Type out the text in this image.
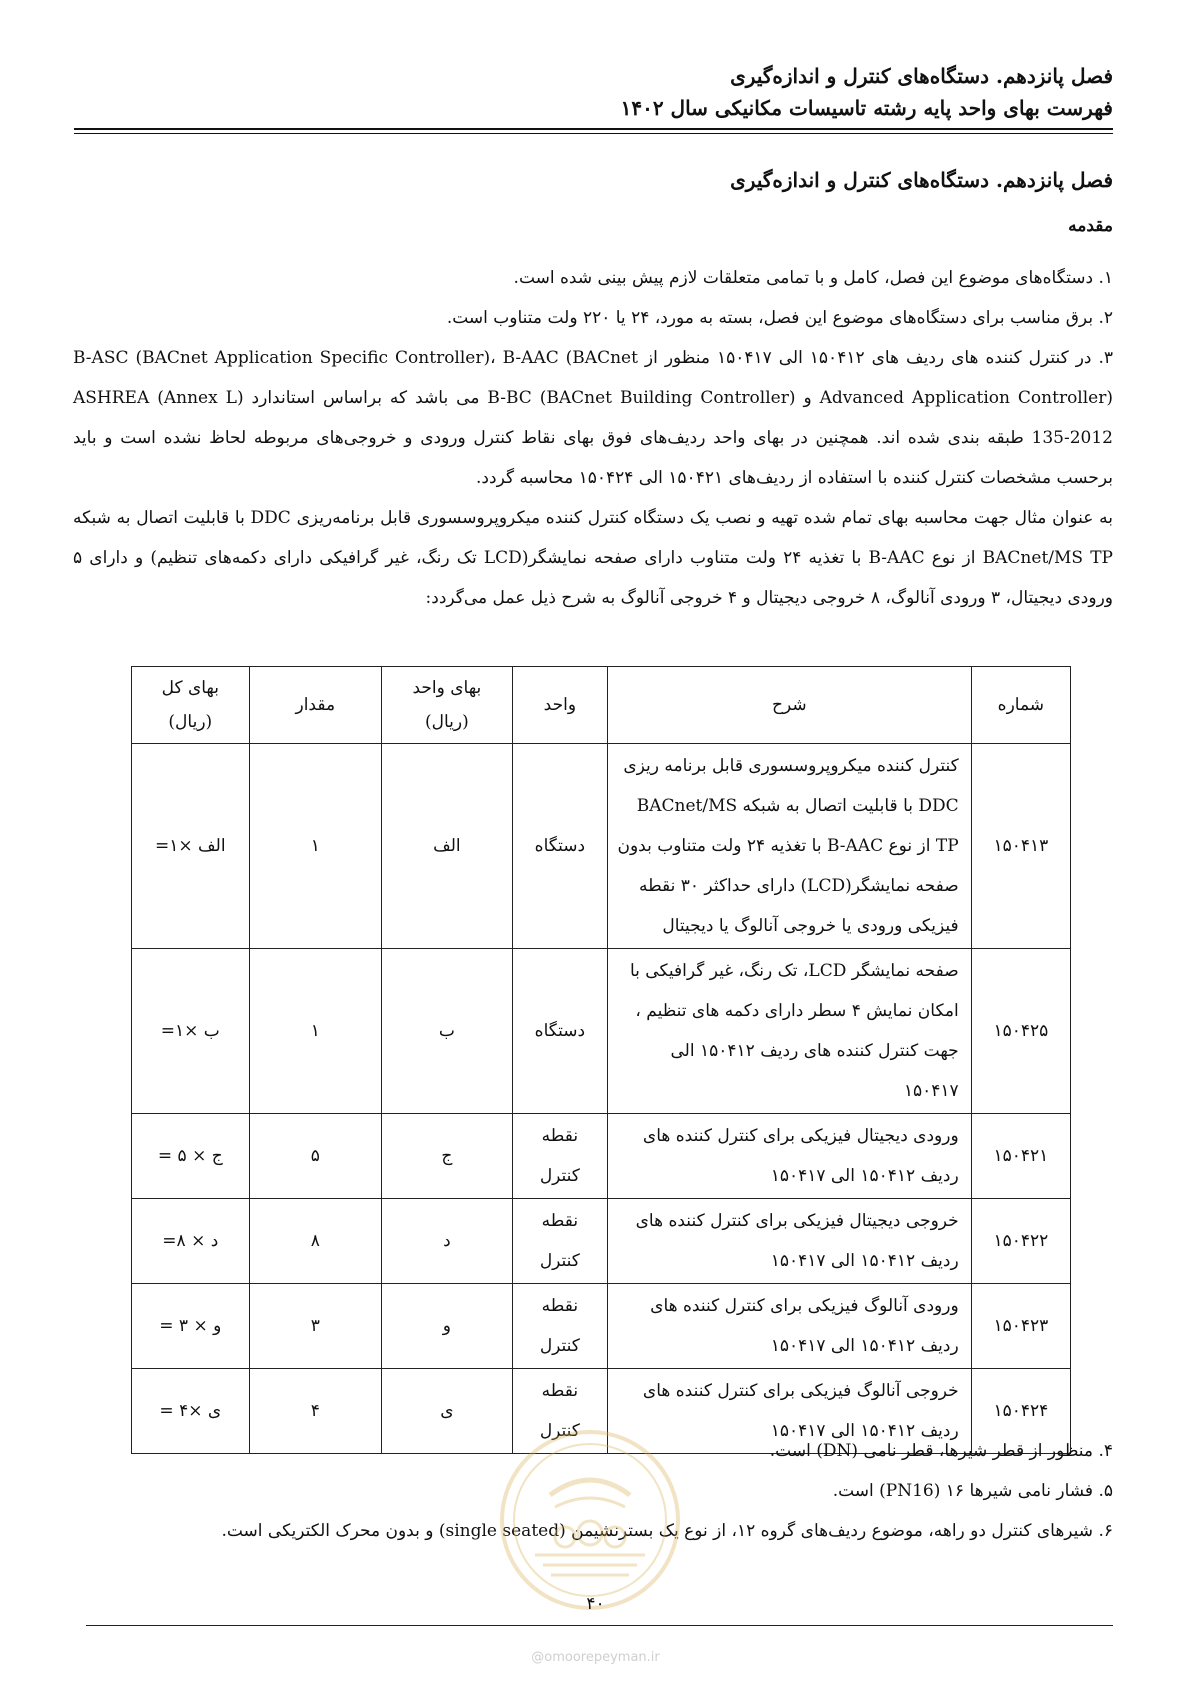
فصل پانزدهم. دستگاه‌های کنترل و اندازه‌گیری
فهرست بهای واحد پایه رشته تاسیسات مکانیکی سال ۱۴۰۲
فصل پانزدهم. دستگاه‌های کنترل و اندازه‌گیری
مقدمه

۱. دستگاه‌های موضوع این فصل، کامل و با تمامی متعلقات لازم پیش بینی شده است.

۲. برق مناسب برای دستگاه‌های موضوع این فصل، بسته به مورد، ۲۴ یا ۲۲۰ ولت متناوب است.

۳. در کنترل کننده های ردیف های ۱۵۰۴۱۲ الی ۱۵۰۴۱۷ منظور از B-ASC (BACnet Application Specific Controller)، B-AAC (BACnet Advanced Application Controller) و B-BC (BACnet Building Controller) می باشد که براساس استاندارد (Annex L) ASHREA 135-2012 طبقه بندی شده اند. همچنین در بهای واحد ردیف‌های فوق بهای نقاط کنترل ورودی و خروجی‌های مربوطه لحاظ نشده است و باید برحسب مشخصات کنترل کننده با استفاده از ردیف‌های ۱۵۰۴۲۱ الی ۱۵۰۴۲۴ محاسبه گردد.

به عنوان مثال جهت محاسبه بهای تمام شده تهیه و نصب یک دستگاه کنترل کننده میکروپروسسوری قابل برنامه‌ریزی DDC با قابلیت اتصال به شبکه BACnet/MS TP از نوع B-AAC با تغذیه ۲۴ ولت متناوب دارای صفحه نمایشگر(LCD تک رنگ، غیر گرافیکی دارای دکمه‌های تنظیم) و دارای ۵ ورودی دیجیتال، ۳ ورودی آنالوگ، ۸ خروجی دیجیتال و ۴ خروجی آنالوگ به شرح ذیل عمل می‌گردد:

شماره	شرح	واحد	بهای واحد (ریال)	مقدار	بهای کل (ریال)
۱۵۰۴۱۳	کنترل کننده میکروپروسسوری قابل برنامه ریزی DDC با قابلیت اتصال به شبکه BACnet/MS TP از نوع B-AAC با تغذیه ۲۴ ولت متناوب بدون صفحه نمایشگر(LCD) دارای حداکثر ۳۰ نقطه فیزیکی ورودی یا خروجی آنالوگ یا دیجیتال	دستگاه	الف	۱	الف ×۱=
۱۵۰۴۲۵	صفحه نمایشگر LCD، تک رنگ، غیر گرافیکی با امکان نمایش ۴ سطر دارای دکمه های تنظیم ، جهت کنترل کننده های ردیف ۱۵۰۴۱۲ الی ۱۵۰۴۱۷	دستگاه	ب	۱	ب ×۱=
۱۵۰۴۲۱	ورودی دیجیتال فیزیکی برای کنترل کننده های ردیف ۱۵۰۴۱۲ الی ۱۵۰۴۱۷	نقطه کنترل	ج	۵	ج × ۵ =
۱۵۰۴۲۲	خروجی دیجیتال فیزیکی برای کنترل کننده های ردیف ۱۵۰۴۱۲ الی ۱۵۰۴۱۷	نقطه کنترل	د	۸	د × ۸=
۱۵۰۴۲۳	ورودی آنالوگ فیزیکی برای کنترل کننده های ردیف ۱۵۰۴۱۲ الی ۱۵۰۴۱۷	نقطه کنترل	و	۳	و × ۳ =
۱۵۰۴۲۴	خروجی آنالوگ فیزیکی برای کنترل کننده های ردیف ۱۵۰۴۱۲ الی ۱۵۰۴۱۷	نقطه کنترل	ی	۴	ی ×۴ =

۴. منظور از قطر شیرها، قطر نامی (DN) است.

۵. فشار نامی شیرها ۱۶ (PN16) است.

۶. شیرهای کنترل دو راهه، موضوع ردیف‌های گروه ۱۲، از نوع یک بسترنشیمن (single seated) و بدون محرک الکتریکی است.

۴۰
@omoorepeyman.ir
